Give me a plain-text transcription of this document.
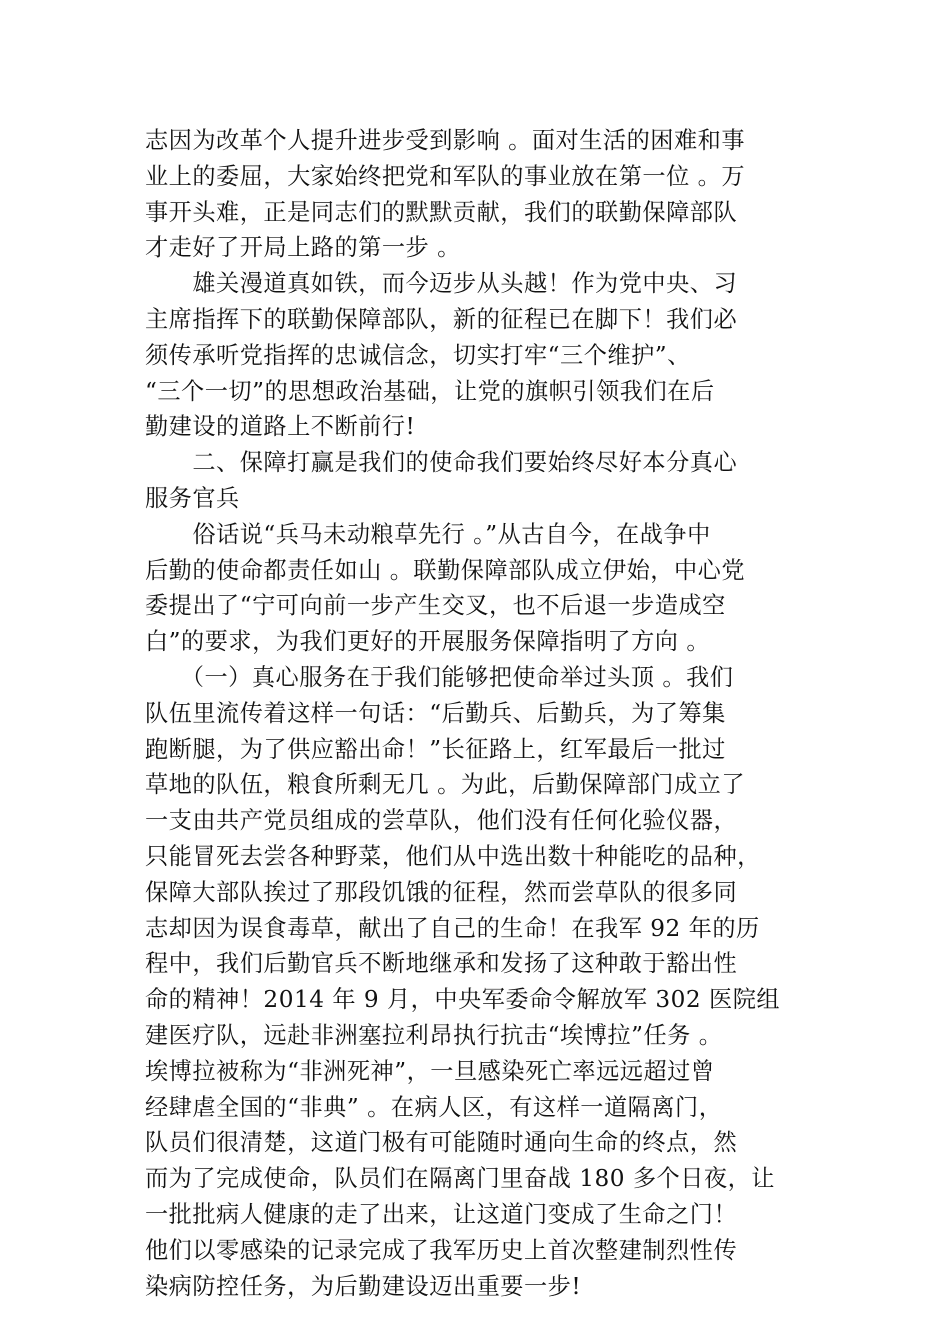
志因为改革个人提升进步受到影响 。面对生活的困难和事
业上的委屈，大家始终把党和军队的事业放在第一位 。万
事开头难，正是同志们的默默贡献，我们的联勤保障部队
才走好了开局上路的第一步 。
　　雄关漫道真如铁，而今迈步从头越！作为党中央、习
主席指挥下的联勤保障部队，新的征程已在脚下！我们必
须传承听党指挥的忠诚信念，切实打牢“三个维护”、
“三个一切”的思想政治基础，让党的旗帜引领我们在后
勤建设的道路上不断前行!
　　二、保障打赢是我们的使命我们要始终尽好本分真心
服务官兵
　　俗话说“兵马未动粮草先行 。”从古自今，在战争中
后勤的使命都责任如山 。联勤保障部队成立伊始，中心党
委提出了“宁可向前一步产生交叉，也不后退一步造成空
白”的要求，为我们更好的开展服务保障指明了方向 。
　　（一）真心服务在于我们能够把使命举过头顶 。我们
队伍里流传着这样一句话：“后勤兵、后勤兵，为了筹集
跑断腿，为了供应豁出命！”长征路上，红军最后一批过
草地的队伍，粮食所剩无几 。为此，后勤保障部门成立了
一支由共产党员组成的尝草队，他们没有任何化验仪器，
只能冒死去尝各种野菜，他们从中选出数十种能吃的品种，
保障大部队挨过了那段饥饿的征程，然而尝草队的很多同
志却因为误食毒草，献出了自己的生命！在我军 92 年的历
程中，我们后勤官兵不断地继承和发扬了这种敢于豁出性
命的精神！2014 年 9 月，中央军委命令解放军 302 医院组
建医疗队，远赴非洲塞拉利昂执行抗击“埃博拉”任务 。
埃博拉被称为“非洲死神”，一旦感染死亡率远远超过曾
经肆虐全国的“非典” 。在病人区，有这样一道隔离门，
队员们很清楚，这道门极有可能随时通向生命的终点，然
而为了完成使命，队员们在隔离门里奋战 180 多个日夜，让
一批批病人健康的走了出来，让这道门变成了生命之门！
他们以零感染的记录完成了我军历史上首次整建制烈性传
染病防控任务，为后勤建设迈出重要一步!
